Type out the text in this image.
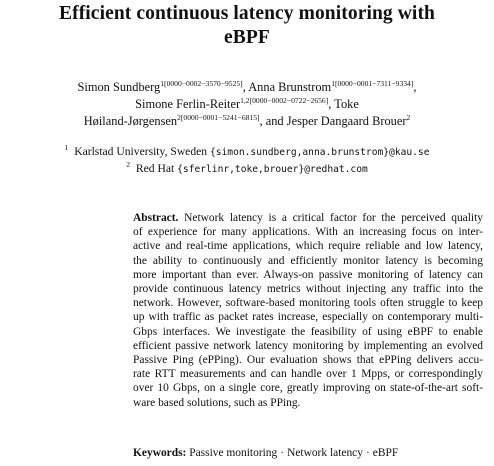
Efficient continuous latency monitoring with
eBPF
Simon Sundberg$^{1[0000-0002-3570-9525]}$, Anna Brunstrom$^{1[0000-0001-7311-9334]}$,
Simone Ferlin-Reiter$^{1,2[0000-0002-0722-2656]}$, Toke
Høiland-Jørgensen$^{2[0000-0001-5241-6815]}$, and Jesper Dangaard Brouer$^2$
$^1$ Karlstad University, Sweden {simon.sundberg,anna.brunstrom}@kau.se
$^2$ Red Hat {sferlinr,toke,brouer}@redhat.com
Abstract. Network latency is a critical factor for the perceived quality
of experience for many applications. With an increasing focus on inter-
active and real-time applications, which require reliable and low latency,
the ability to continuously and efficiently monitor latency is becoming
more important than ever. Always-on passive monitoring of latency can
provide continuous latency metrics without injecting any traffic into the
network. However, software-based monitoring tools often struggle to keep
up with traffic as packet rates increase, especially on contemporary multi-
Gbps interfaces. We investigate the feasibility of using eBPF to enable
efficient passive network latency monitoring by implementing an evolved
Passive Ping (ePPing). Our evaluation shows that ePPing delivers accu-
rate RTT measurements and can handle over 1 Mpps, or correspondingly
over 10 Gbps, on a single core, greatly improving on state-of-the-art soft-
ware based solutions, such as PPing.
Keywords: Passive monitoring · Network latency · eBPF
